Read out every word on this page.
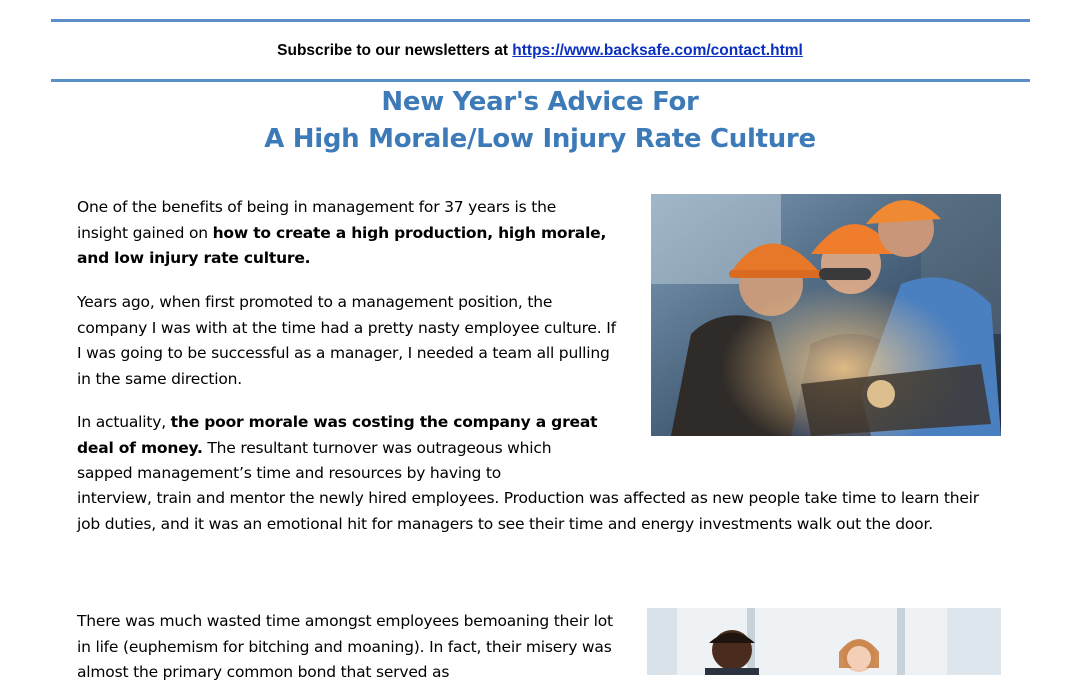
Subscribe to our newsletters at https://www.backsafe.com/contact.html
New Year's Advice For
A High Morale/Low Injury Rate Culture

One of the benefits of being in management for 37 years is the insight gained on how to create a high production, high morale, and low injury rate culture.

Years ago, when first promoted to a management position, the company I was with at the time had a pretty nasty employee culture. If I was going to be successful as a manager, I needed a team all pulling in the same direction.

In actuality, the poor morale was costing the company a great deal of money. The resultant turnover was outrageous which sapped management’s time and resources by having to

interview, train and mentor the newly hired employees. Production was affected as new people take time to learn their job duties, and it was an emotional hit for managers to see their time and energy investments walk out the door.

There was much wasted time amongst employees bemoaning their lot in life (euphemism for bitching and moaning). In fact, their misery was almost the primary common bond that served as
